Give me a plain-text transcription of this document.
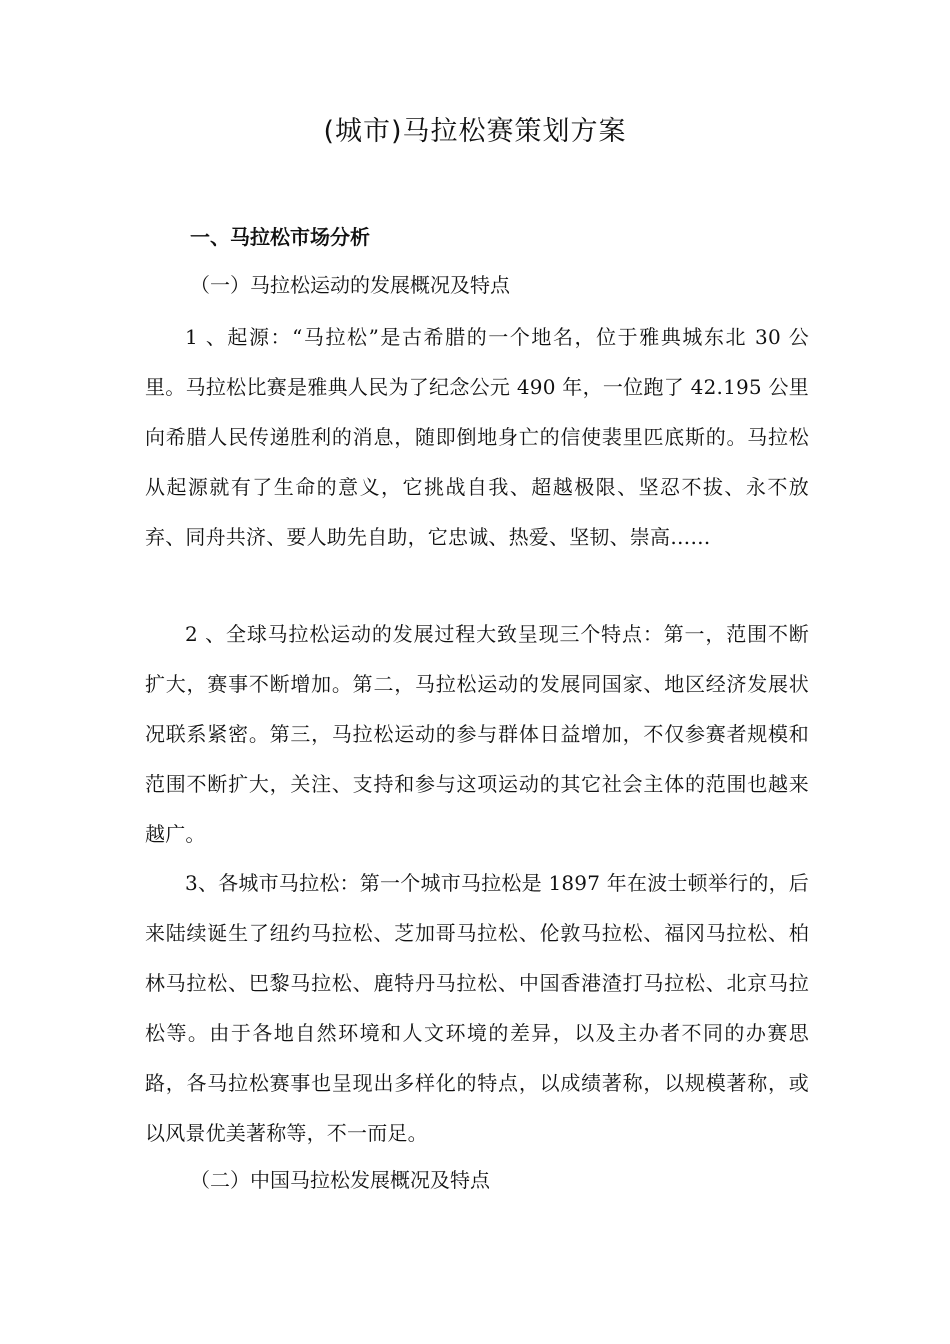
(城市)马拉松赛策划方案
一、马拉松市场分析

（一）马拉松运动的发展概况及特点

1 、起源：“马拉松”是古希腊的一个地名，位于雅典城东北 30 公里。马拉松比赛是雅典人民为了纪念公元 490 年，一位跑了 42.195 公里向希腊人民传递胜利的消息，随即倒地身亡的信使裴里匹底斯的。马拉松从起源就有了生命的意义，它挑战自我、超越极限、坚忍不拔、永不放弃、同舟共济、要人助先自助，它忠诚、热爱、坚韧、崇高……

2 、全球马拉松运动的发展过程大致呈现三个特点：第一，范围不断扩大，赛事不断增加。第二，马拉松运动的发展同国家、地区经济发展状况联系紧密。第三，马拉松运动的参与群体日益增加，不仅参赛者规模和范围不断扩大，关注、支持和参与这项运动的其它社会主体的范围也越来越广。

3、各城市马拉松：第一个城市马拉松是 1897 年在波士顿举行的，后来陆续诞生了纽约马拉松、芝加哥马拉松、伦敦马拉松、福冈马拉松、柏林马拉松、巴黎马拉松、鹿特丹马拉松、中国香港渣打马拉松、北京马拉松等。由于各地自然环境和人文环境的差异，以及主办者不同的办赛思路，各马拉松赛事也呈现出多样化的特点，以成绩著称，以规模著称，或以风景优美著称等，不一而足。

（二）中国马拉松发展概况及特点
